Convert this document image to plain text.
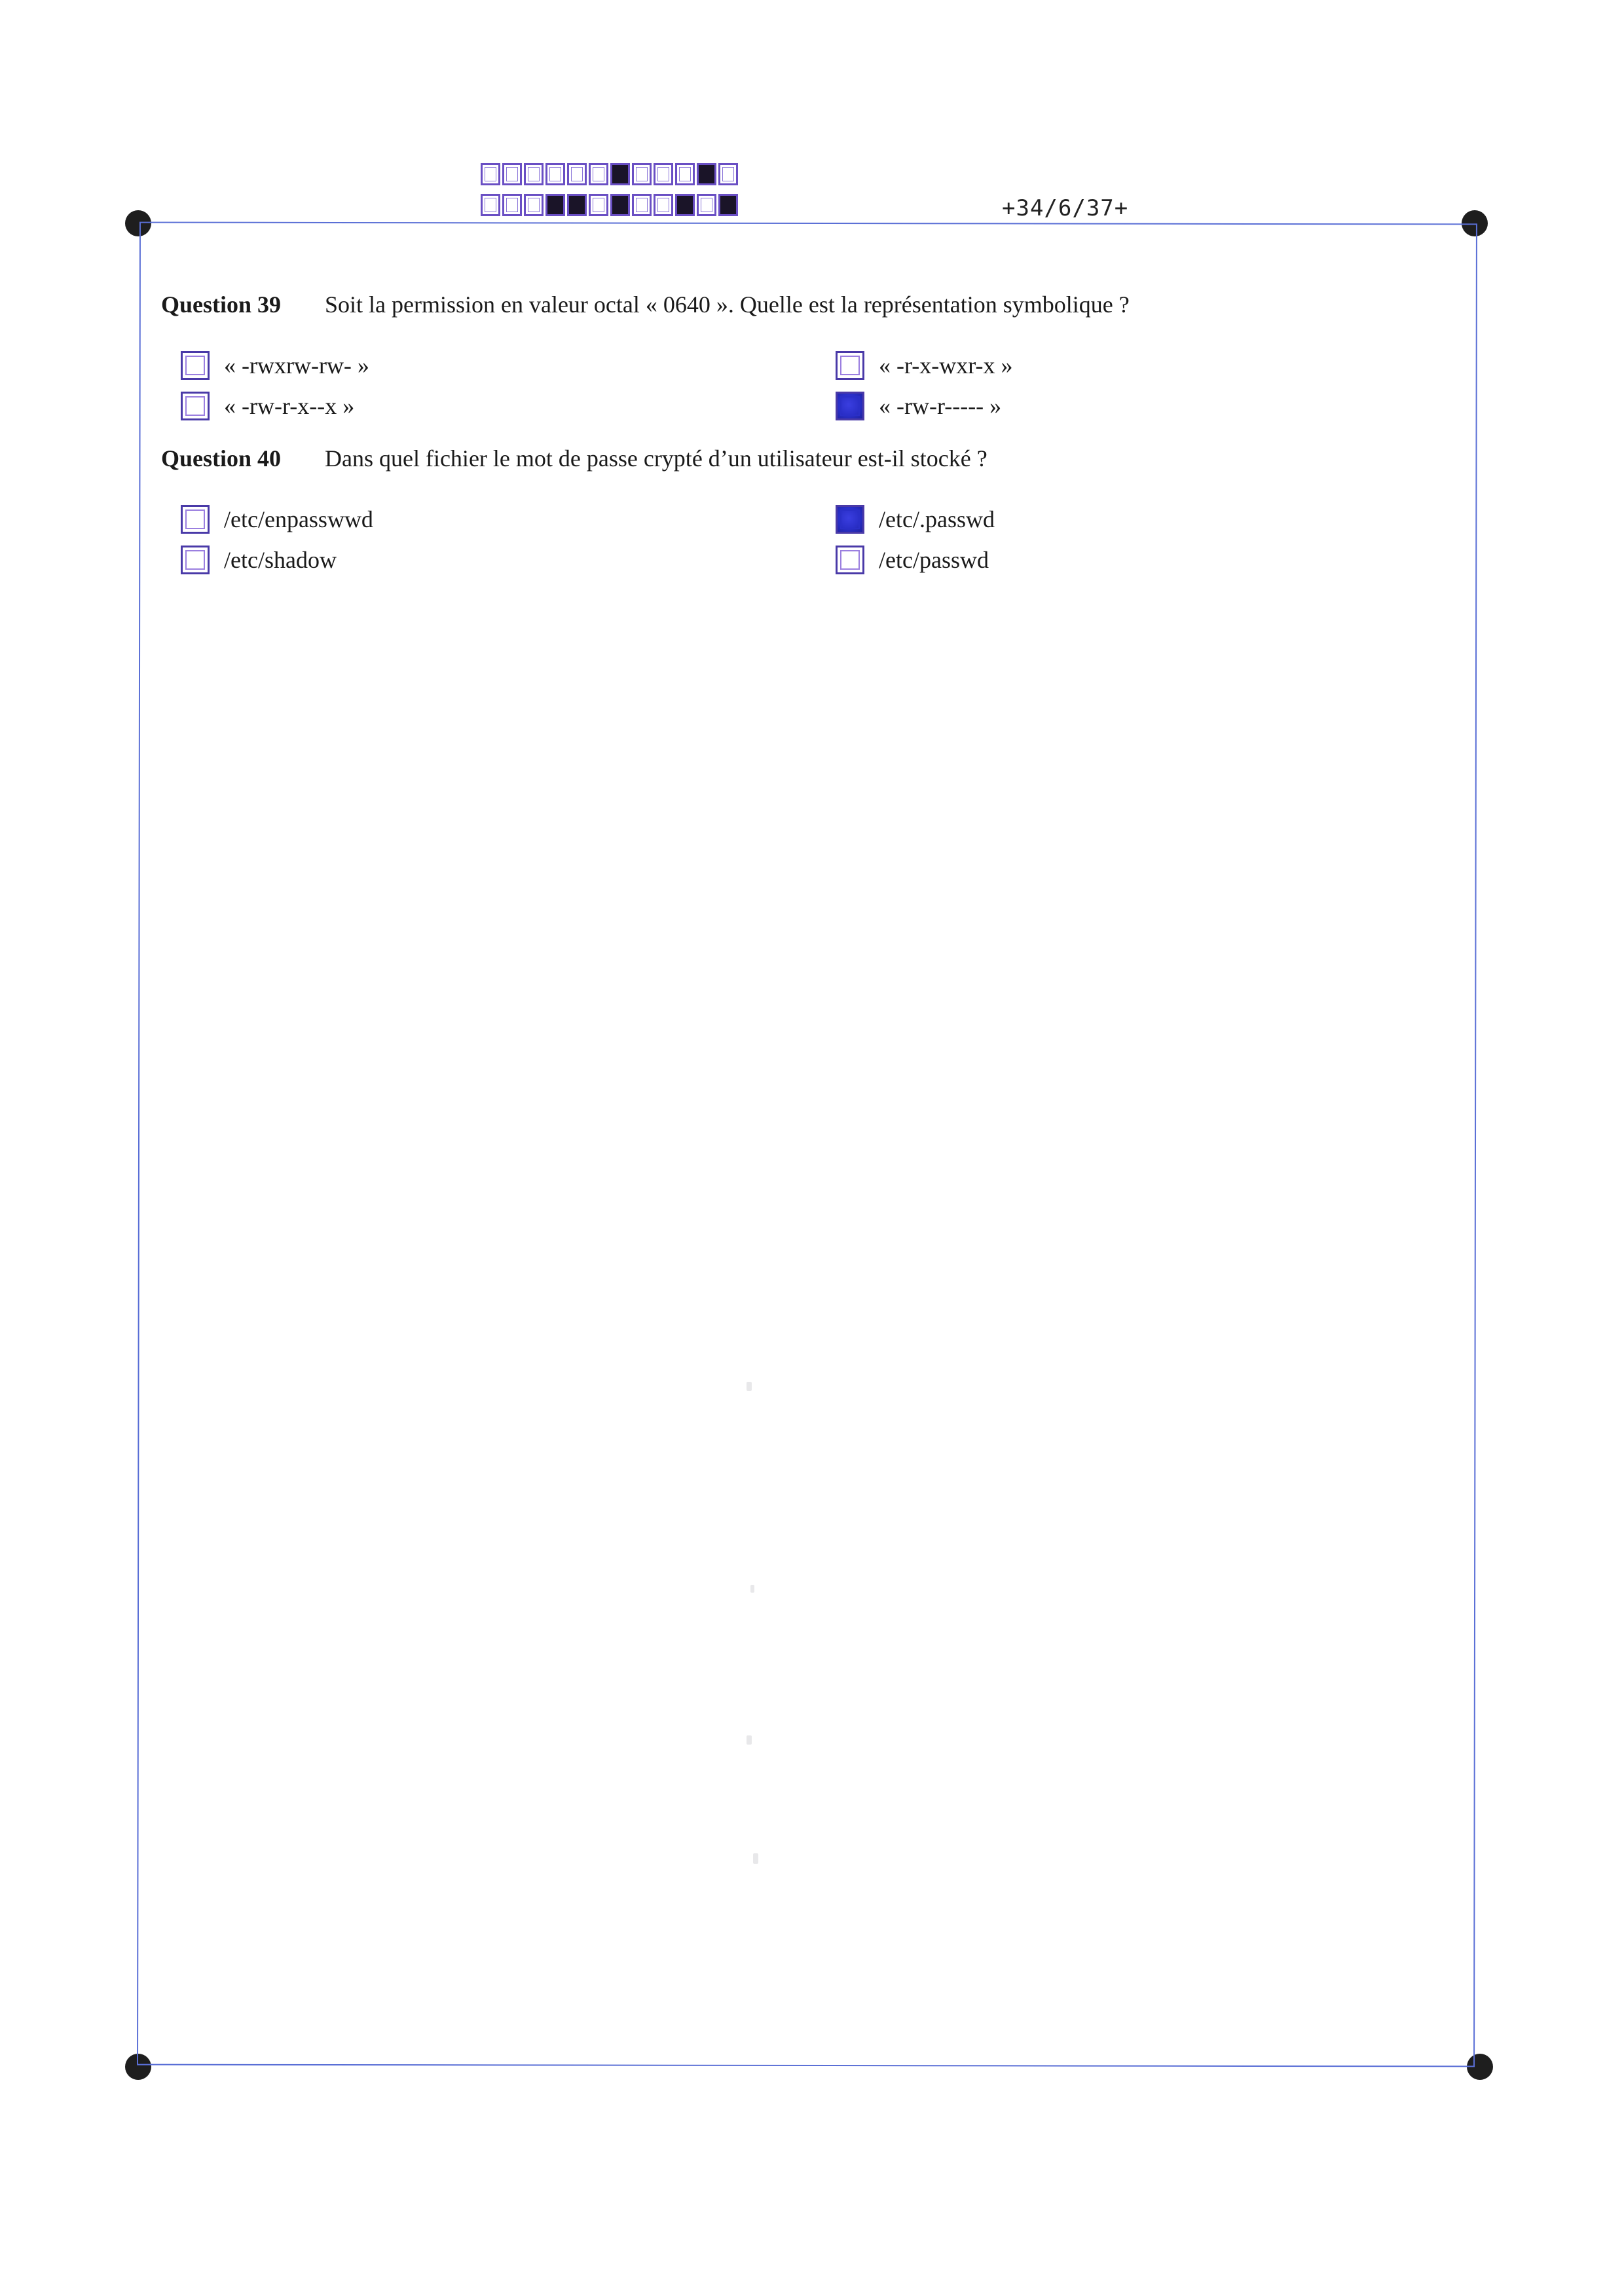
+34/6/37+
Question 39	Soit la permission en valeur octal « 0640 ». Quelle est la représentation symbolique ?
« -rwxrw-rw- »	« -r-x-wxr-x »
« -rw-r-x--x »	« -rw-r----- »
Question 40	Dans quel fichier le mot de passe crypté d’un utilisateur est-il stocké ?
/etc/enpasswwd	/etc/.passwd
/etc/shadow	/etc/passwd
